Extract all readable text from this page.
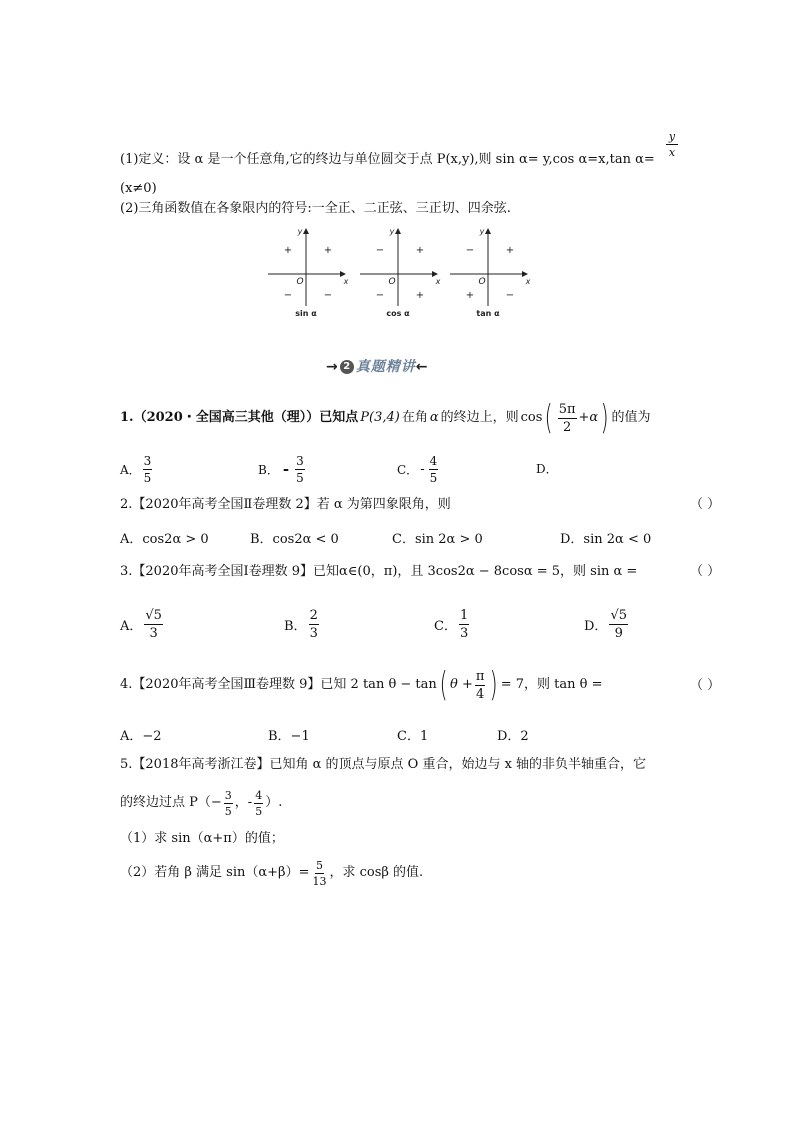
(1)定义：设 α 是一个任意角,它的终边与单位圆交于点 P(x,y),则 sin α= y,cos α=x,tan α=
$\frac{y}{x}$
(x≠0)
(2)三角函数值在各象限内的符号:一全正、二正弦、三正切、四余弦.
y
x
O
+
+
−	−
sin α
y
x
O
+
−
−	+
cos α
y
x
O
+
−
+	−
tan α
→ 2 真题精讲←
1.（2020・全国高三其他（理））已知点 P(3,4) 在角 α 的终边上，则 cos ( $\frac{5\pi}{2} +\alpha$ ) 的值为
A． $\frac{3}{5}$	B． - $\frac{3}{5}$	C． - $\frac{4}{5}$	D．
2.【2020年高考全国Ⅱ卷理数 2】若 α 为第四象限角，则	（ ）
A．cos2α > 0	B．cos2α < 0	C．sin 2α > 0	D．sin 2α < 0
3.【2020年高考全国Ⅰ卷理数 9】已知α∈(0，π)，且 3cos2α − 8cosα = 5，则 sin α =	（ ）
A． $\frac{√5}{3}$	B． $\frac{2}{3}$	C． $\frac{1}{3}$	D． $\frac{√5}{9}$
4.【2020年高考全国Ⅲ卷理数 9】已知 2 tan θ − tan ( $\theta + \frac{\pi}{4}$ ) = 7，则 tan θ =	（ ）
A．−2	B．−1	C．1	D．2
5.【2018年高考浙江卷】已知角 α 的顶点与原点 O 重合，始边与 x 轴的非负半轴重合，它
的终边过点 $P(- \frac{3}{5}$ ，- $\frac{4}{5}$ ）.
（1）求 sin（α+π）的值；
（2）若角 β 满足 $\sin(\alpha+\beta)= \frac{5}{13}$ ，求 cosβ 的值.
